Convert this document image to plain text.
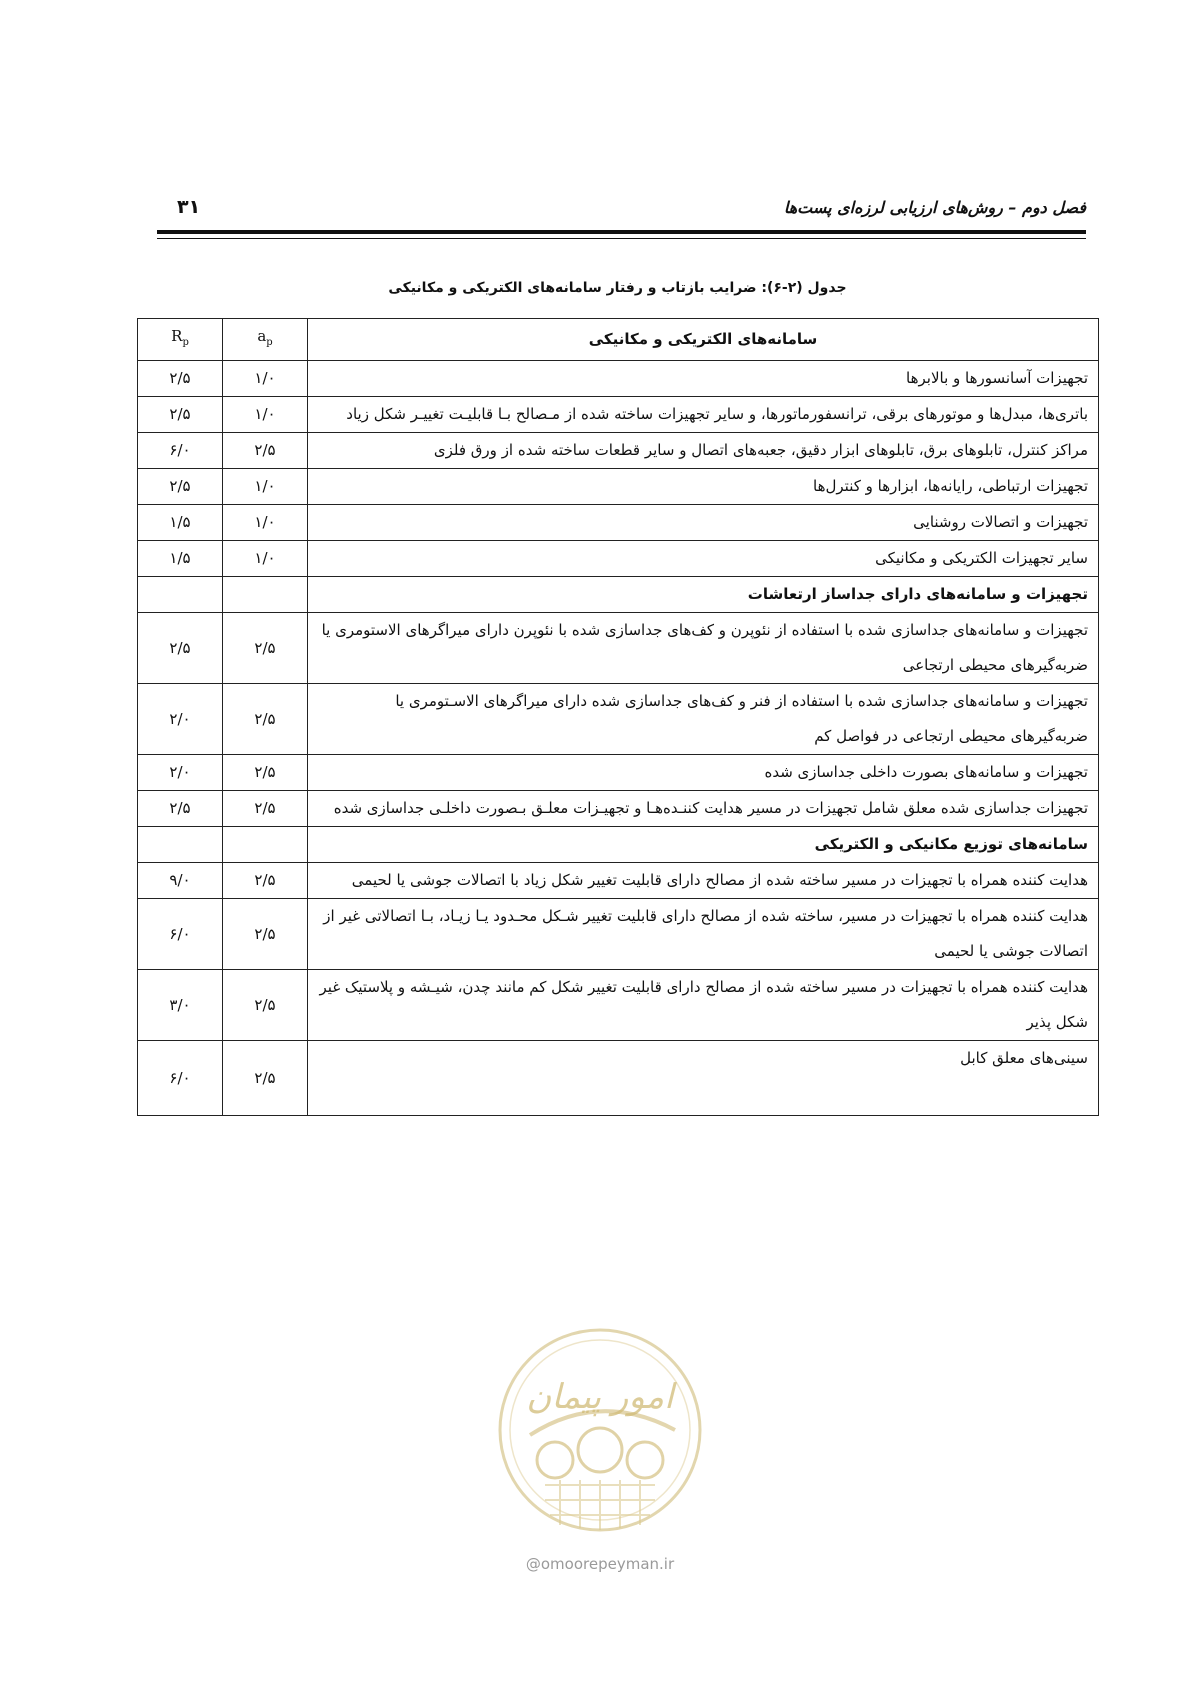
فصل دوم – روش‌های ارزیابی لرزه‌ای پست‌ها
۳۱
جدول (۲-۶): ضرایب بازتاب و رفتار سامانه‌های الکتریکی و مکانیکی
سامانه‌های الکتریکی و مکانیکی	$a_p$	$R_p$
تجهیزات آسانسورها و بالابرها	۱/۰	۲/۵
باتری‌ها، مبدل‌ها و موتورهای برقی، ترانسفورماتورها، و سایر تجهیزات ساخته شده از مـصالح بـا قابلیـت تغییـر شکل زیاد	۱/۰	۲/۵
مراکز کنترل، تابلوهای برق، تابلوهای ابزار دقیق، جعبه‌های اتصال و سایر قطعات ساخته شده از ورق فلزی	۲/۵	۶/۰
تجهیزات ارتباطی، رایانه‌ها، ابزارها و کنترل‌ها	۱/۰	۲/۵
تجهیزات و اتصالات روشنایی	۱/۰	۱/۵
سایر تجهیزات الکتریکی و مکانیکی	۱/۰	۱/۵
تجهیزات و سامانه‌های دارای جداساز ارتعاشات		
تجهیزات و سامانه‌های جداسازی شده با استفاده از نئوپرن و کف‌های جداسازی شده با نئوپرن دارای میراگرهای الاستومری یا ضربه‌گیرهای محیطی ارتجاعی	۲/۵	۲/۵
تجهیزات و سامانه‌های جداسازی شده با استفاده از فنر و کف‌های جداسازی شده دارای میراگرهای الاسـتومری یا ضربه‌گیرهای محیطی ارتجاعی در فواصل کم	۲/۵	۲/۰
تجهیزات و سامانه‌های بصورت داخلی جداسازی شده	۲/۵	۲/۰
تجهیزات جداسازی شده معلق شامل تجهیزات در مسیر هدایت کننـده‌هـا و تجهیـزات معلـق بـصورت داخلـی جداسازی شده	۲/۵	۲/۵
سامانه‌های توزیع مکانیکی و الکتریکی		
هدایت کننده همراه با تجهیزات در مسیر ساخته شده از مصالح دارای قابلیت تغییر شکل زیاد با اتصالات جوشی یا لحیمی	۲/۵	۹/۰
هدایت کننده همراه با تجهیزات در مسیر، ساخته شده از مصالح دارای قابلیت تغییر شـکل محـدود یـا زیـاد، بـا اتصالاتی غیر از اتصالات جوشی یا لحیمی	۲/۵	۶/۰
هدایت کننده همراه با تجهیزات در مسیر ساخته شده از مصالح دارای قابلیت تغییر شکل کم مانند چدن، شیـشه و پلاستیک غیر شکل پذیر	۲/۵	۳/۰
سینی‌های معلق کابل	۲/۵	۶/۰
امور پیمان
@omoorepeyman.ir
